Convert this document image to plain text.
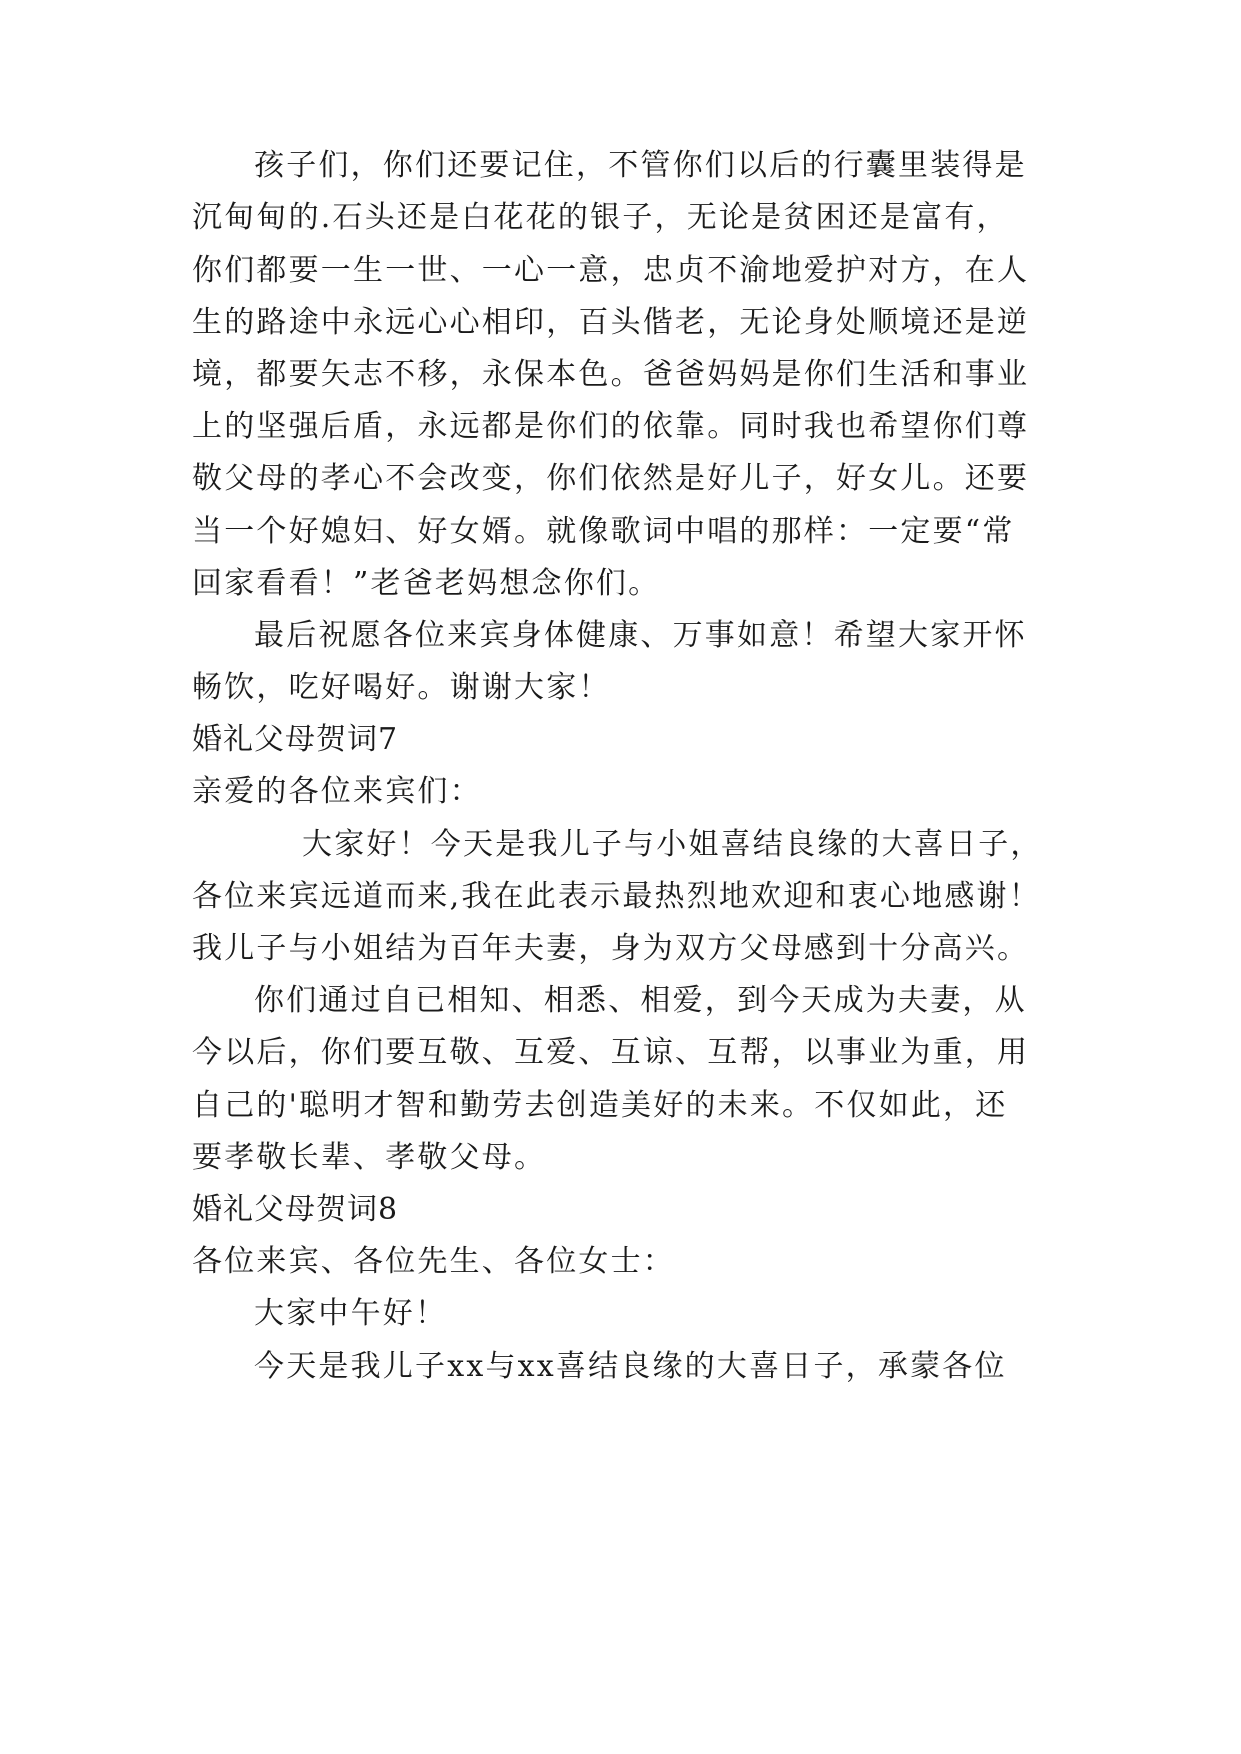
孩子们，你们还要记住，不管你们以后的行囊里装得是
沉甸甸的.石头还是白花花的银子，无论是贫困还是富有，
你们都要一生一世、一心一意，忠贞不渝地爱护对方，在人
生的路途中永远心心相印，百头偕老，无论身处顺境还是逆
境，都要矢志不移，永保本色。爸爸妈妈是你们生活和事业
上的坚强后盾，永远都是你们的依靠。同时我也希望你们尊
敬父母的孝心不会改变，你们依然是好儿子，好女儿。还要
当一个好媳妇、好女婿。就像歌词中唱的那样：一定要“常
回家看看！”老爸老妈想念你们。
最后祝愿各位来宾身体健康、万事如意！希望大家开怀
畅饮，吃好喝好。谢谢大家！
婚礼父母贺词7
亲爱的各位来宾们：
大家好！今天是我儿子与小姐喜结良缘的大喜日子，
各位来宾远道而来,我在此表示最热烈地欢迎和衷心地感谢！
我儿子与小姐结为百年夫妻，身为双方父母感到十分高兴。
你们通过自已相知、相悉、相爱，到今天成为夫妻，从
今以后，你们要互敬、互爱、互谅、互帮，以事业为重，用
自己的'聪明才智和勤劳去创造美好的未来。不仅如此，还
要孝敬长辈、孝敬父母。
婚礼父母贺词8
各位来宾、各位先生、各位女士：
大家中午好！
今天是我儿子xx与xx喜结良缘的大喜日子，承蒙各位
